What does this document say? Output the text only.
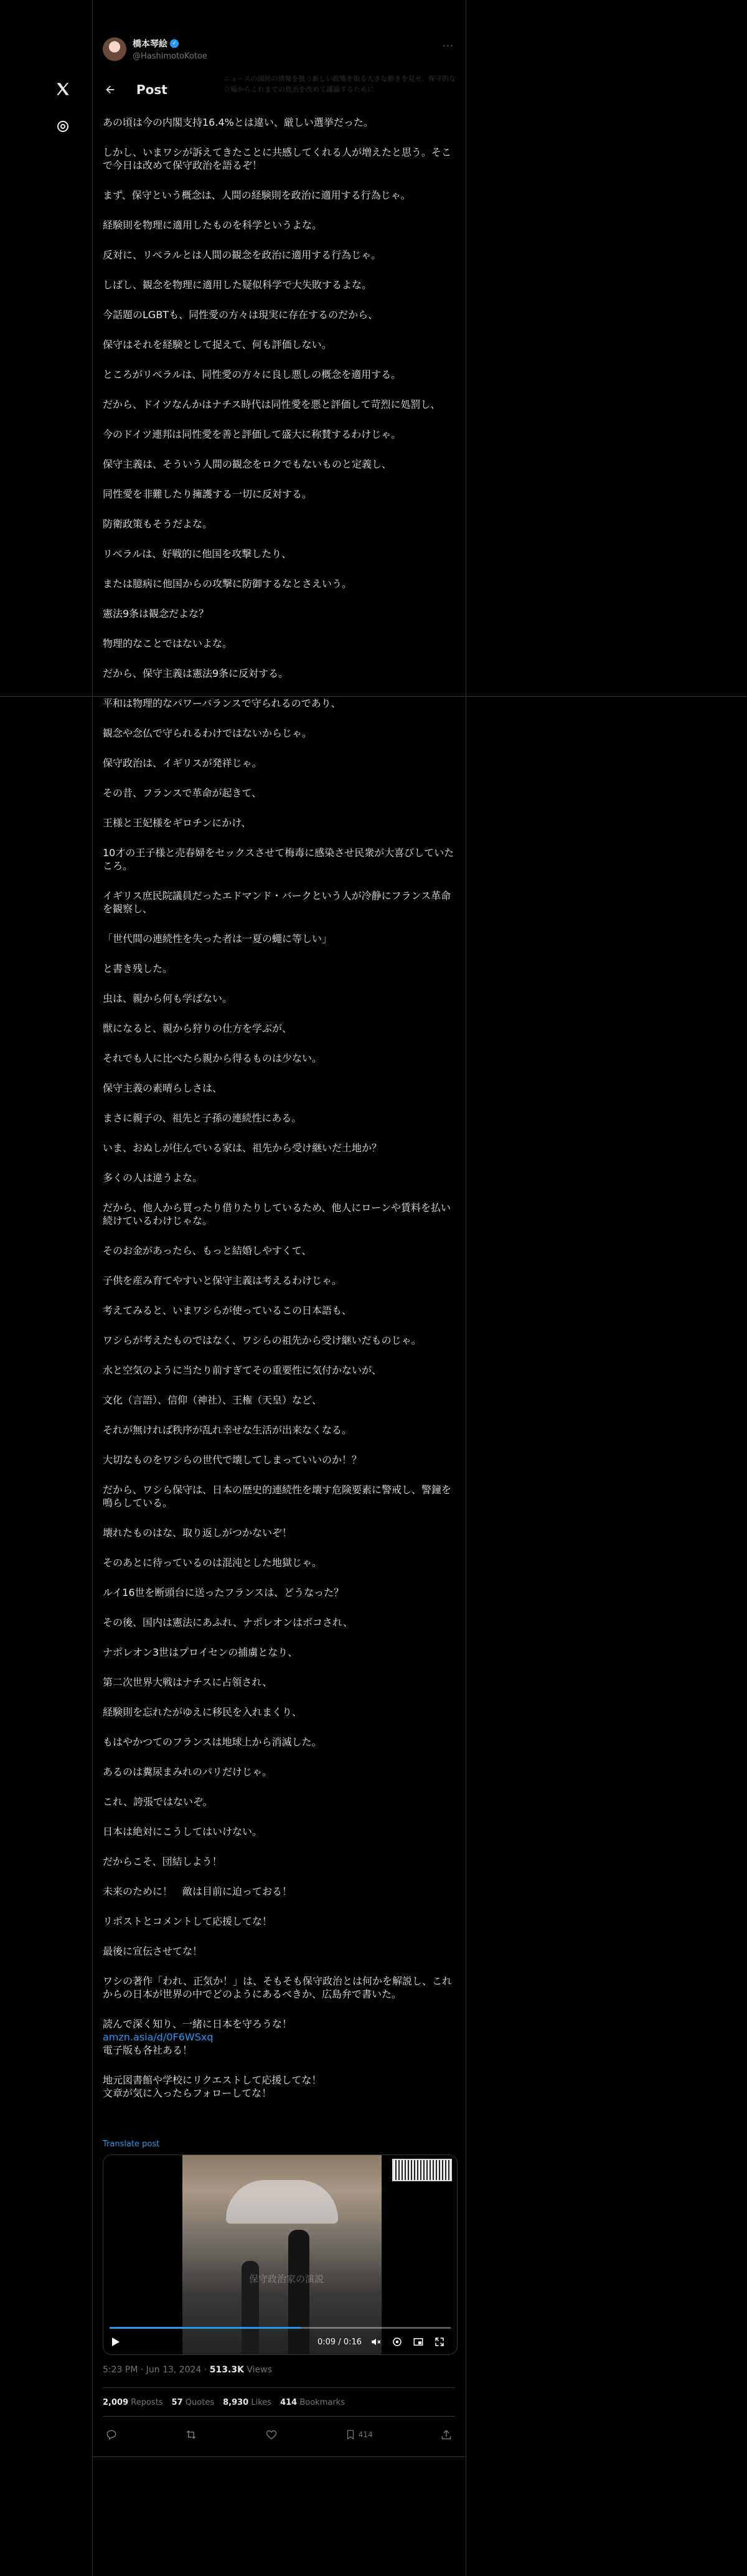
橋本琴絵 ✓
@HashimotoKotoe
···
ニュースの国民の情報を扱う新しい政策を取る大きな動きを見せ、保守的な立場からこれまでの政治を改めて議論するために
Post

あの頃は今の内閣支持16.4%とは違い、厳しい選挙だった。

しかし、いまワシが訴えてきたことに共感してくれる人が増えたと思う。そこで今日は改めて保守政治を語るぞ！

まず、保守という概念は、人間の経験則を政治に適用する行為じゃ。

経験則を物理に適用したものを科学というよな。

反対に、リベラルとは人間の観念を政治に適用する行為じゃ。

しばし、観念を物理に適用した疑似科学で大失敗するよな。

今話題のLGBTも、同性愛の方々は現実に存在するのだから、

保守はそれを経験として捉えて、何も評価しない。

ところがリベラルは、同性愛の方々に良し悪しの概念を適用する。

だから、ドイツなんかはナチス時代は同性愛を悪と評価して苛烈に処罰し、

今のドイツ連邦は同性愛を善と評価して盛大に称賛するわけじゃ。

保守主義は、そういう人間の観念をロクでもないものと定義し、

同性愛を非難したり擁護する一切に反対する。

防衛政策もそうだよな。

リベラルは、好戦的に他国を攻撃したり、

または臆病に他国からの攻撃に防御するなとさえいう。

憲法9条は観念だよな？

物理的なことではないよな。

だから、保守主義は憲法9条に反対する。

平和は物理的なパワーバランスで守られるのであり、

観念や念仏で守られるわけではないからじゃ。

保守政治は、イギリスが発祥じゃ。

その昔、フランスで革命が起きて、

王様と王妃様をギロチンにかけ、

10才の王子様と売春婦をセックスさせて梅毒に感染させ民衆が大喜びしていたころ。

イギリス庶民院議員だったエドマンド・バークという人が冷静にフランス革命を観察し、

「世代間の連続性を失った者は一夏の蠅に等しい」

と書き残した。

虫は、親から何も学ばない。

獣になると、親から狩りの仕方を学ぶが、

それでも人に比べたら親から得るものは少ない。

保守主義の素晴らしさは、

まさに親子の、祖先と子孫の連続性にある。

いま、おぬしが住んでいる家は、祖先から受け継いだ土地か？

多くの人は違うよな。

だから、他人から買ったり借りたりしているため、他人にローンや賃料を払い続けているわけじゃな。

そのお金があったら、もっと結婚しやすくて、

子供を産み育てやすいと保守主義は考えるわけじゃ。

考えてみると、いまワシらが使っているこの日本語も、

ワシらが考えたものではなく、ワシらの祖先から受け継いだものじゃ。

水と空気のように当たり前すぎてその重要性に気付かないが、

文化（言語）、信仰（神社）、王権（天皇）など、

それが無ければ秩序が乱れ幸せな生活が出来なくなる。

大切なものをワシらの世代で壊してしまっていいのか！？

だから、ワシら保守は、日本の歴史的連続性を壊す危険要素に警戒し、警鐘を鳴らしている。

壊れたものはな、取り返しがつかないぞ！

そのあとに待っているのは混沌とした地獄じゃ。

ルイ16世を断頭台に送ったフランスは、どうなった？

その後、国内は憲法にあふれ、ナポレオンはボコされ、

ナポレオン3世はプロイセンの捕虜となり、

第二次世界大戦はナチスに占領され、

経験則を忘れたがゆえに移民を入れまくり、

もはやかつてのフランスは地球上から消滅した。

あるのは糞尿まみれのパリだけじゃ。

これ、誇張ではないぞ。

日本は絶対にこうしてはいけない。

だからこそ、団結しよう！

未来のために！　敵は目前に迫っておる！

リポストとコメントして応援してな！

最後に宣伝させてな！

ワシの著作「われ、正気か！」は、そもそも保守政治とは何かを解説し、これからの日本が世界の中でどのようにあるべきか、広島弁で書いた。

読んで深く知り、一緒に日本を守ろうな！

amzn.asia/d/0F6WSxq

電子版も各社ある！

地元図書館や学校にリクエストして応援してな！

文章が気に入ったらフォローしてな！

Translate post
保守政治家の演説
0:09 / 0:16
5:23 PM · Jun 13, 2024 · 513.3K Views
2,009 Reposts 57 Quotes 8,930 Likes 414 Bookmarks
414
